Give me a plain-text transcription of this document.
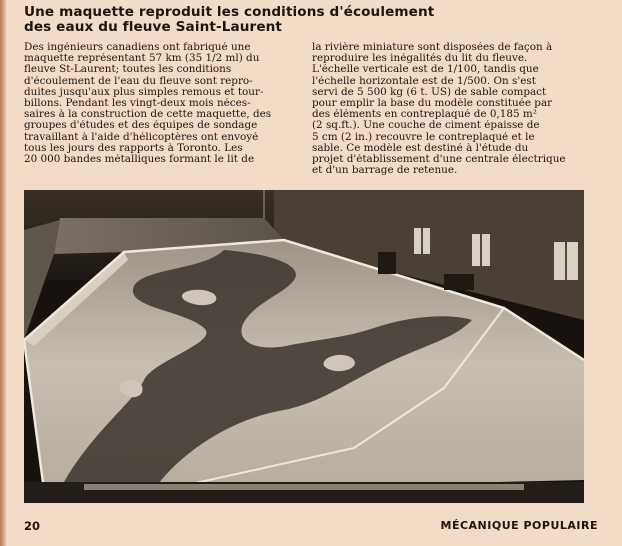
Une maquette reproduit les conditions d'écoulement
des eaux du fleuve Saint-Laurent
Des ingénieurs canadiens ont fabriqué une
maquette représentant 57 km (35 1/2 ml) du
fleuve St-Laurent; toutes les conditions
d'écoulement de l'eau du fleuve sont repro-
duites jusqu'aux plus simples remous et tour-
billons. Pendant les vingt-deux mois néces-
saires à la construction de cette maquette, des
groupes d'études et des équipes de sondage
travaillant à l'aide d'hélicoptères ont envoyé
tous les jours des rapports à Toronto. Les
20 000 bandes métalliques formant le lit de
la rivière miniature sont disposées de façon à
reproduire les inégalités du lit du fleuve.
L'échelle verticale est de 1/100, tandis que
l'échelle horizontale est de 1/500. On s'est
servi de 5 500 kg (6 t. US) de sable compact
pour emplir la base du modèle constituée par
des éléments en contreplaqué de 0,185 m²
(2 sq.ft.). Une couche de ciment épaisse de
5 cm (2 in.) recouvre le contreplaqué et le
sable. Ce modèle est destiné à l'étude du
projet d'établissement d'une centrale électrique
et d'un barrage de retenue.
20	MÉCANIQUE POPULAIRE
